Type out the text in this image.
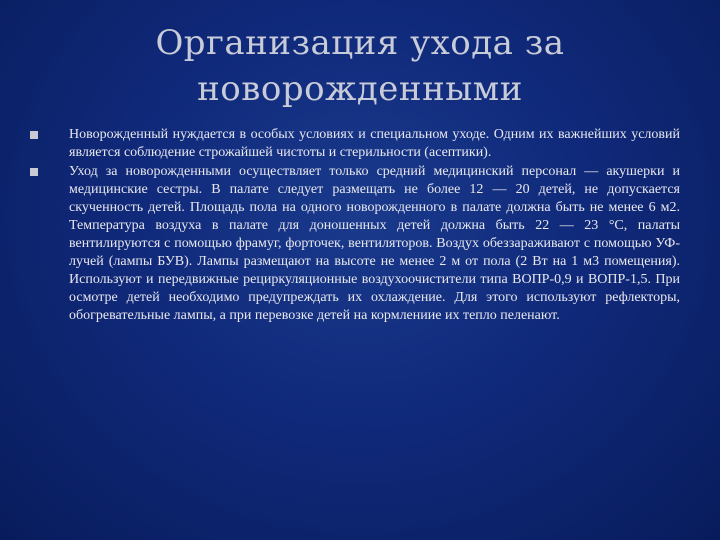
Организация ухода за
новорожденными
Новорожденный нуждается в особых условиях и специальном уходе. Одним их важнейших условий является соблюдение строжайшей чистоты и стерильности (асептики).
Уход за новорожденными осуществляет только средний медицинский персонал — акушерки и медицинские сестры. В палате следует размещать не более 12 — 20 детей, не допускается скученность детей. Площадь пола на одного новорожденного в палате должна быть не менее 6 м2. Температура воздуха в палате для доношенных детей должна быть 22 — 23 °С, палаты вентилируются с помощью фрамуг, форточек, вентиляторов. Воздух обеззараживают с помощью УФ-лучей (лампы БУВ). Лампы размещают на высоте не менее 2 м от пола (2 Вт на 1 м3 помещения). Используют и передвижные рециркуляционные воздухоочистители типа ВОПР-0,9 и ВОПР-1,5. При осмотре детей необходимо предупреждать их охлаждение. Для этого используют рефлекторы, обогревательные лампы, а при перевозке детей на кормлениие их тепло пеленают.
